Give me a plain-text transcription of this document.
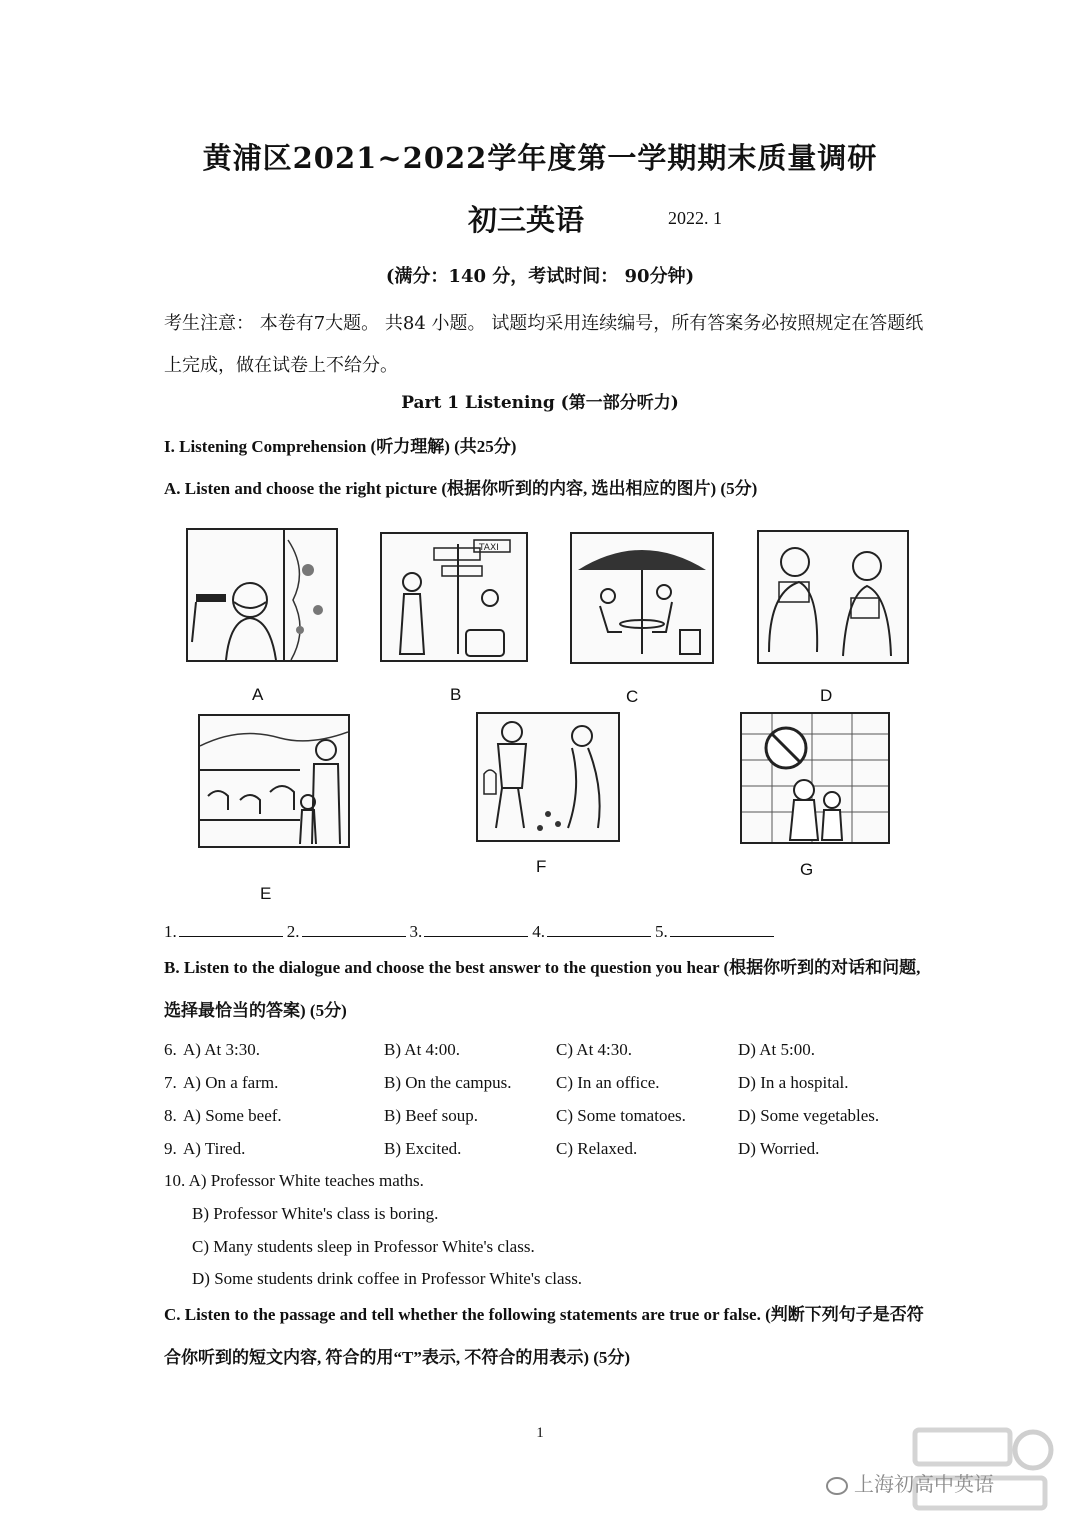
黄浦区2021~2022学年度第一学期期末质量调研
初三英语	2022. 1
(满分：140 分，考试时间： 90分钟)
考生注意： 本卷有7大题。 共84 小题。 试题均采用连续编号，所有答案务必按照规定在答题纸上完成，做在试卷上不给分。
Part 1 Listening (第一部分听力)
I. Listening Comprehension (听力理解) (共25分)
A. Listen and choose the right picture (根据你听到的内容, 选出相应的图片) (5分)
TAXI
A	B	C	D
E
F	G
1.	2.	3.	4.	5.
B. Listen to the dialogue and choose the best answer to the question you hear (根据你听到的对话和问题, 选择最恰当的答案) (5分)
6. A) At 3:30.	B) At 4:00.	C) At 4:30.	D) At 5:00.
7. A) On a farm.	B) On the campus.	C) In an office.	D) In a hospital.
8. A) Some beef.	B) Beef soup.	C) Some tomatoes.	D) Some vegetables.
9. A) Tired.	B) Excited.	C) Relaxed.	D) Worried.
10. A) Professor White teaches maths.
B) Professor White's class is boring.
C) Many students sleep in Professor White's class.
D) Some students drink coffee in Professor White's class.
C. Listen to the passage and tell whether the following statements are true or false. (判断下列句子是否符合你听到的短文内容, 符合的用“T”表示, 不符合的用表示) (5分)
1
上海初高中英语
